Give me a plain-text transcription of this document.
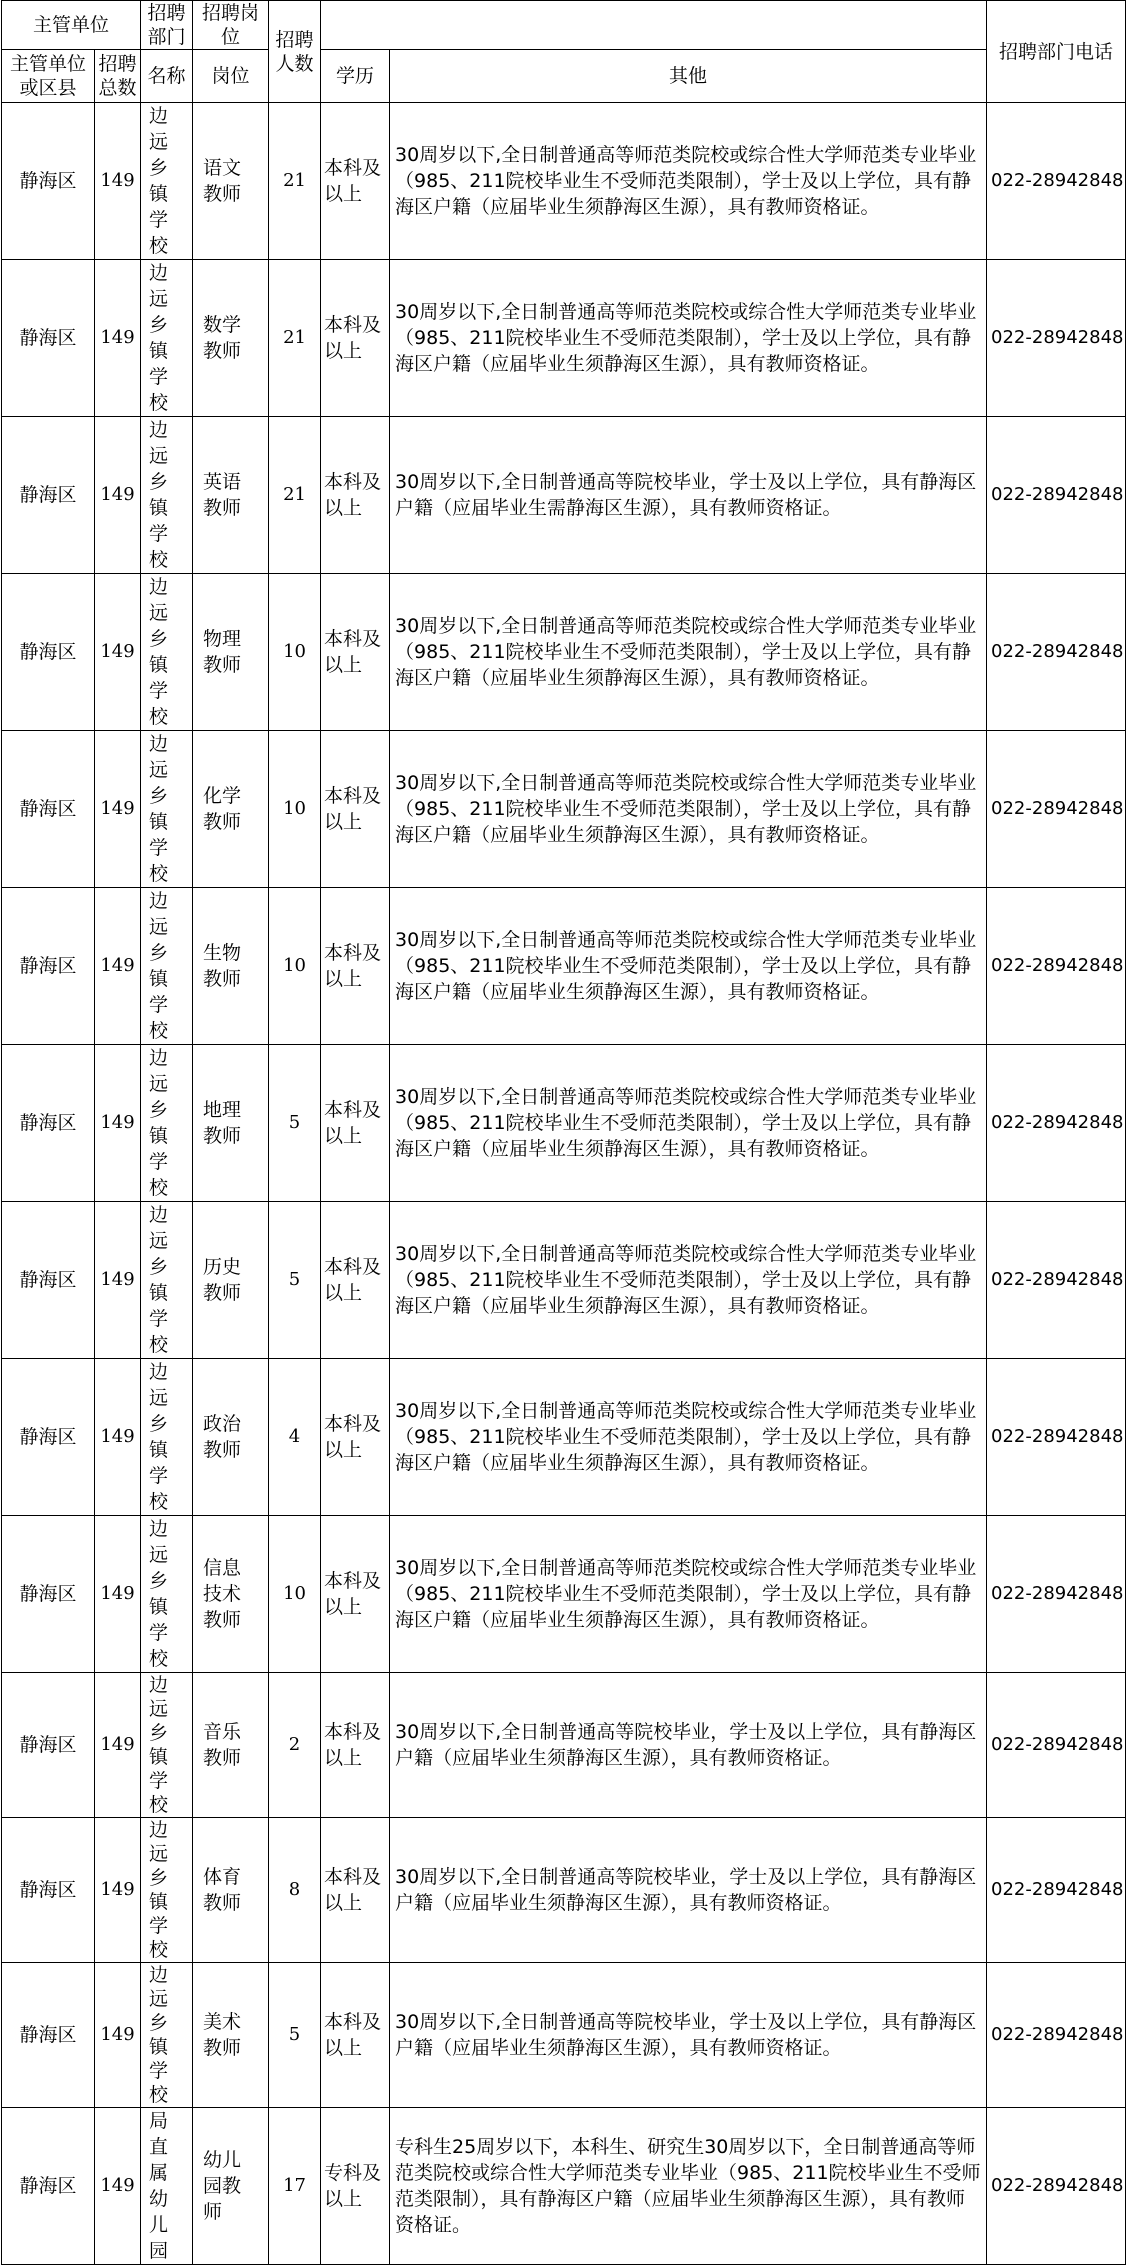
主管单位		招聘部门	招聘岗位	招聘人数			招聘部门电话
主管单位或区县	招聘总数	名称	岗位		学历	其他	
静海区	149	边远乡镇学校	语文教师	21	本科及以上	30周岁以下,全日制普通高等师范类院校或综合性大学师范类专业毕业（985、211院校毕业生不受师范类限制），学士及以上学位，具有静海区户籍（应届毕业生须静海区生源），具有教师资格证。	022-28942848
静海区	149	边远乡镇学校	数学教师	21	本科及以上	30周岁以下,全日制普通高等师范类院校或综合性大学师范类专业毕业（985、211院校毕业生不受师范类限制），学士及以上学位，具有静海区户籍（应届毕业生须静海区生源），具有教师资格证。	022-28942848
静海区	149	边远乡镇学校	英语教师	21	本科及以上	30周岁以下,全日制普通高等院校毕业，学士及以上学位，具有静海区户籍（应届毕业生需静海区生源），具有教师资格证。	022-28942848
静海区	149	边远乡镇学校	物理教师	10	本科及以上	30周岁以下,全日制普通高等师范类院校或综合性大学师范类专业毕业（985、211院校毕业生不受师范类限制），学士及以上学位，具有静海区户籍（应届毕业生须静海区生源），具有教师资格证。	022-28942848
静海区	149	边远乡镇学校	化学教师	10	本科及以上	30周岁以下,全日制普通高等师范类院校或综合性大学师范类专业毕业（985、211院校毕业生不受师范类限制），学士及以上学位，具有静海区户籍（应届毕业生须静海区生源），具有教师资格证。	022-28942848
静海区	149	边远乡镇学校	生物教师	10	本科及以上	30周岁以下,全日制普通高等师范类院校或综合性大学师范类专业毕业（985、211院校毕业生不受师范类限制），学士及以上学位，具有静海区户籍（应届毕业生须静海区生源），具有教师资格证。	022-28942848
静海区	149	边远乡镇学校	地理教师	5	本科及以上	30周岁以下,全日制普通高等师范类院校或综合性大学师范类专业毕业（985、211院校毕业生不受师范类限制），学士及以上学位，具有静海区户籍（应届毕业生须静海区生源），具有教师资格证。	022-28942848
静海区	149	边远乡镇学校	历史教师	5	本科及以上	30周岁以下,全日制普通高等师范类院校或综合性大学师范类专业毕业（985、211院校毕业生不受师范类限制），学士及以上学位，具有静海区户籍（应届毕业生须静海区生源），具有教师资格证。	022-28942848
静海区	149	边远乡镇学校	政治教师	4	本科及以上	30周岁以下,全日制普通高等师范类院校或综合性大学师范类专业毕业（985、211院校毕业生不受师范类限制），学士及以上学位，具有静海区户籍（应届毕业生须静海区生源），具有教师资格证。	022-28942848
静海区	149	边远乡镇学校	信息技术教师	10	本科及以上	30周岁以下,全日制普通高等师范类院校或综合性大学师范类专业毕业（985、211院校毕业生不受师范类限制），学士及以上学位，具有静海区户籍（应届毕业生须静海区生源），具有教师资格证。	022-28942848
静海区	149	边远乡镇学校	音乐教师	2	本科及以上	30周岁以下,全日制普通高等院校毕业，学士及以上学位，具有静海区户籍（应届毕业生须静海区生源），具有教师资格证。	022-28942848
静海区	149	边远乡镇学校	体育教师	8	本科及以上	30周岁以下,全日制普通高等院校毕业，学士及以上学位，具有静海区户籍（应届毕业生须静海区生源），具有教师资格证。	022-28942848
静海区	149	边远乡镇学校	美术教师	5	本科及以上	30周岁以下,全日制普通高等院校毕业，学士及以上学位，具有静海区户籍（应届毕业生须静海区生源），具有教师资格证。	022-28942848
静海区	149	局直属幼儿园	幼儿园教师	17	专科及以上	专科生25周岁以下，本科生、研究生30周岁以下，全日制普通高等师范类院校或综合性大学师范类专业毕业（985、211院校毕业生不受师范类限制），具有静海区户籍（应届毕业生须静海区生源），具有教师资格证。	022-28942848
